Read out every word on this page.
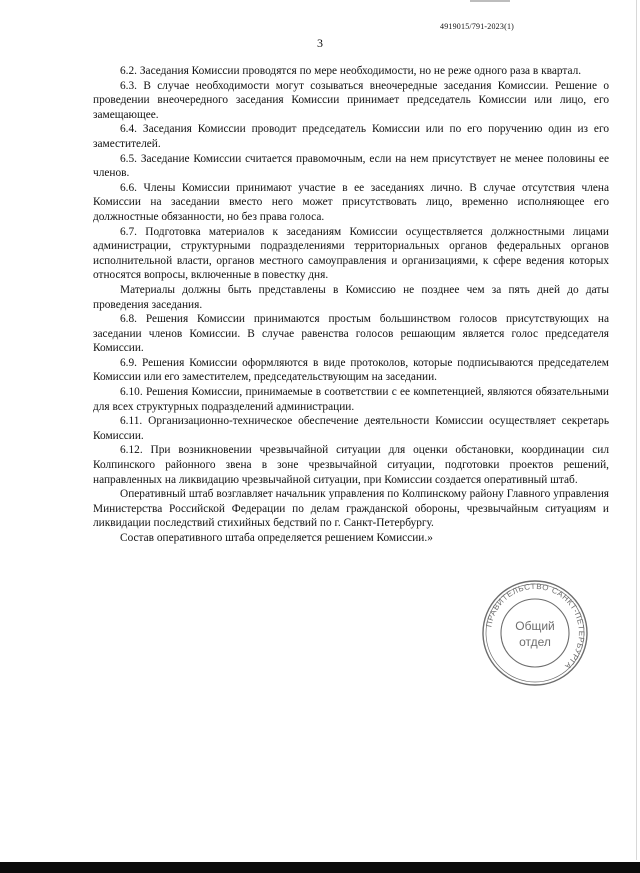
4919015/791-2023(1)
3

6.2. Заседания Комиссии проводятся по мере необходимости, но не реже одного раза в квартал.

6.3. В случае необходимости могут созываться внеочередные заседания Комиссии. Решение о проведении внеочередного заседания Комиссии принимает председатель Комиссии или лицо, его замещающее.

6.4. Заседания Комиссии проводит председатель Комиссии или по его поручению один из его заместителей.

6.5. Заседание Комиссии считается правомочным, если на нем присутствует не менее половины ее членов.

6.6. Члены Комиссии принимают участие в ее заседаниях лично. В случае отсутствия члена Комиссии на заседании вместо него может присутствовать лицо, временно исполняющее его должностные обязанности, но без права голоса.

6.7. Подготовка материалов к заседаниям Комиссии осуществляется должностными лицами администрации, структурными подразделениями территориальных органов федеральных органов исполнительной власти, органов местного самоуправления и организациями, к сфере ведения которых относятся вопросы, включенные в повестку дня.

Материалы должны быть представлены в Комиссию не позднее чем за пять дней до даты проведения заседания.

6.8. Решения Комиссии принимаются простым большинством голосов присутствующих на заседании членов Комиссии. В случае равенства голосов решающим является голос председателя Комиссии.

6.9. Решения Комиссии оформляются в виде протоколов, которые подписываются председателем Комиссии или его заместителем, председательствующим на заседании.

6.10. Решения Комиссии, принимаемые в соответствии с ее компетенцией, являются обязательными для всех структурных подразделений администрации.

6.11. Организационно-техническое обеспечение деятельности Комиссии осуществляет секретарь Комиссии.

6.12. При возникновении чрезвычайной ситуации для оценки обстановки, координации сил Колпинского районного звена в зоне чрезвычайной ситуации, подготовки проектов решений, направленных на ликвидацию чрезвычайной ситуации, при Комиссии создается оперативный штаб.

Оперативный штаб возглавляет начальник управления по Колпинскому району Главного управления Министерства Российской Федерации по делам гражданской обороны, чрезвычайным ситуациям и ликвидации последствий стихийных бедствий по г. Санкт-Петербургу.

Состав оперативного штаба определяется решением Комиссии.»

ПРАВИТЕЛЬСТВО САНКТ-ПЕТЕРБУРГА
Общий
отдел
